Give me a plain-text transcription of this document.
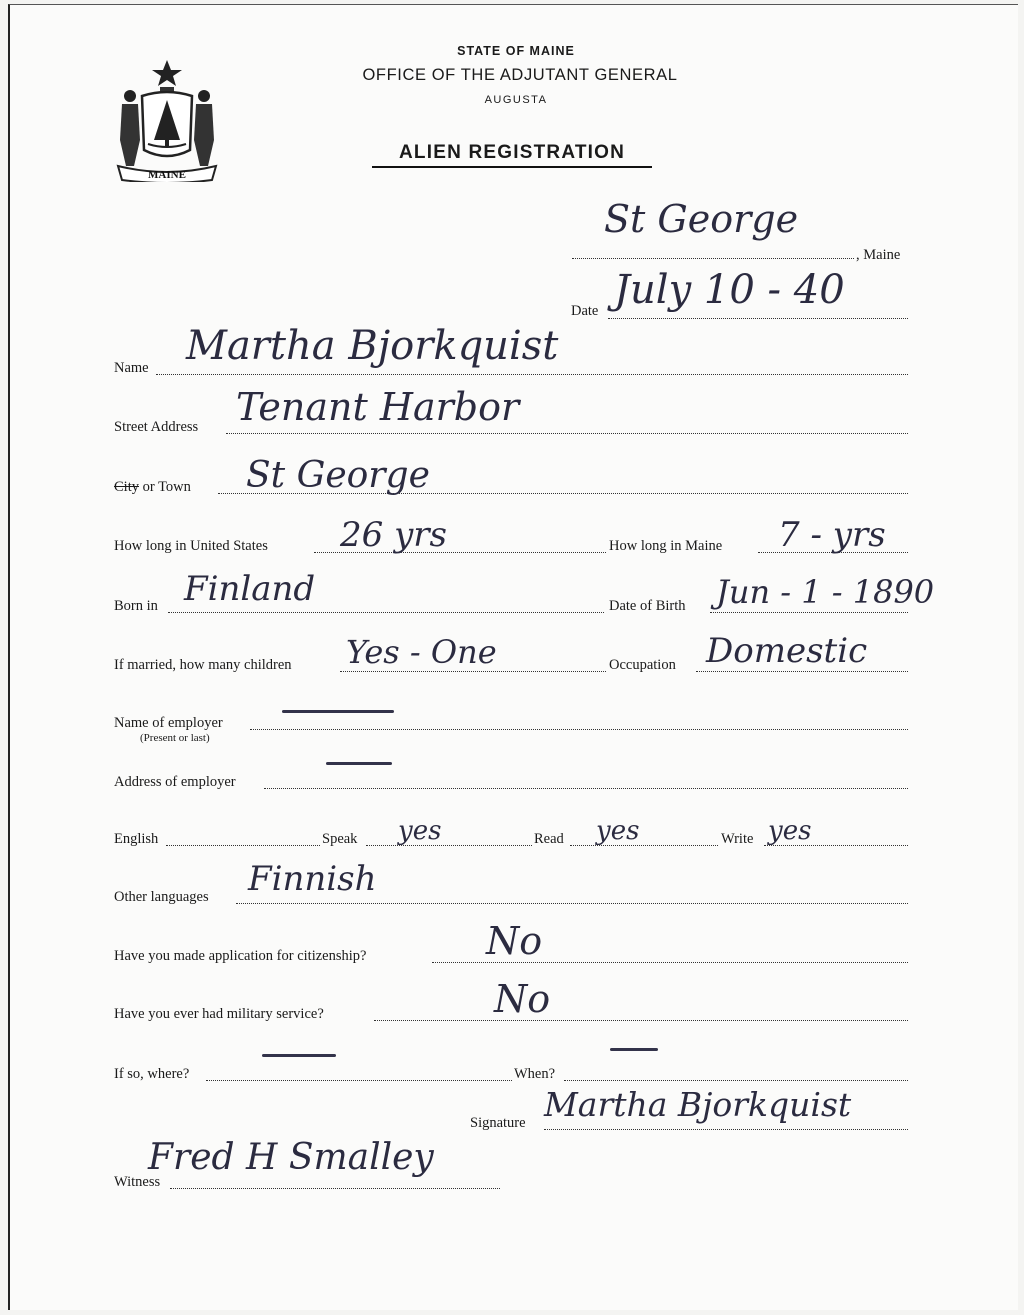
MAINE
STATE OF MAINE
OFFICE OF THE ADJUTANT GENERAL
AUGUSTA
ALIEN REGISTRATION
St George
, Maine
Date July 10 - 40
Name Martha Bjorkquist
Street Address Tenant Harbor
City or Town St George
How long in United States 26 yrs	How long in Maine 7 - yrs
Born in Finland	Date of Birth Jun - 1 - 1890
If married, how many children Yes - One	Occupation Domestic
Name of employer
(Present or last)
Address of employer
English	Speak yes	Read yes	Write yes
Other languages Finnish
Have you made application for citizenship?	No
Have you ever had military service?	No
If so, where?	When?
Signature Martha Bjorkquist
Witness
Fred H Smalley
